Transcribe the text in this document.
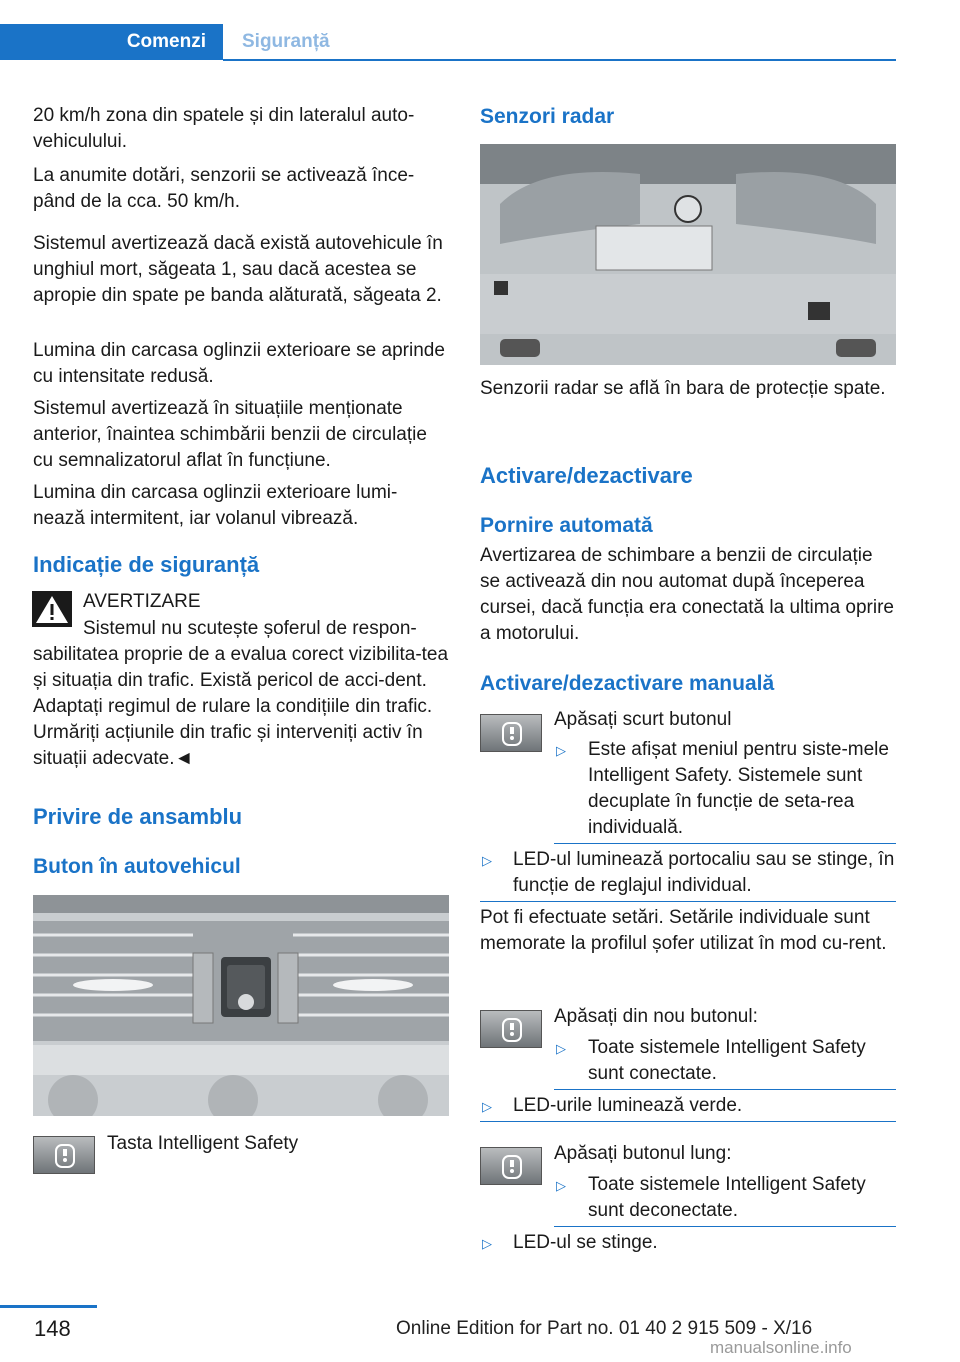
Comenzi	Siguranță

20 km/h zona din spatele și din lateralul auto-vehiculului.

La anumite dotări, senzorii se activează înce-pând de la cca. 50 km/h.

Sistemul avertizează dacă există autovehicule în unghiul mort, săgeata 1, sau dacă acestea se apropie din spate pe banda alăturată, săgeata 2.

Lumina din carcasa oglinzii exterioare se aprinde cu intensitate redusă.

Sistemul avertizează în situațiile menționate anterior, înaintea schimbării benzii de circulație cu semnalizatorul aflat în funcțiune.

Lumina din carcasa oglinzii exterioare lumi-nează intermitent, iar volanul vibrează.

Indicație de siguranță

AVERTIZARE

Sistemul nu scutește șoferul de respon-sabilitatea proprie de a evalua corect vizibilita-tea și situația din trafic. Există pericol de acci-dent. Adaptați regimul de rulare la condițiile din trafic. Urmăriți acțiunile din trafic și interveniți activ în situații adecvate.◄

Privire de ansamblu
Buton în autovehicul

Tasta Intelligent Safety

Senzori radar

Senzorii radar se află în bara de protecție spate.

Activare/dezactivare
Pornire automată

Avertizarea de schimbare a benzii de circulație se activează din nou automat după începerea cursei, dacă funcția era conectată la ultima oprire a motorului.

Activare/dezactivare manuală

Apăsați scurt butonul

▷ Este afișat meniul pentru siste-mele Intelligent Safety. Sistemele sunt decuplate în funcție de seta-rea individuală.

▷ LED-ul luminează portocaliu sau se stinge, în funcție de reglajul individual.

Pot fi efectuate setări. Setările individuale sunt memorate la profilul șofer utilizat în mod cu-rent.

Apăsați din nou butonul:

▷ Toate sistemele Intelligent Safety sunt conectate.

▷ LED-urile luminează verde.

Apăsați butonul lung:

▷ Toate sistemele Intelligent Safety sunt deconectate.

▷ LED-ul se stinge.

148	Online Edition for Part no. 01 40 2 915 509 - X/16
manualsonline.info
